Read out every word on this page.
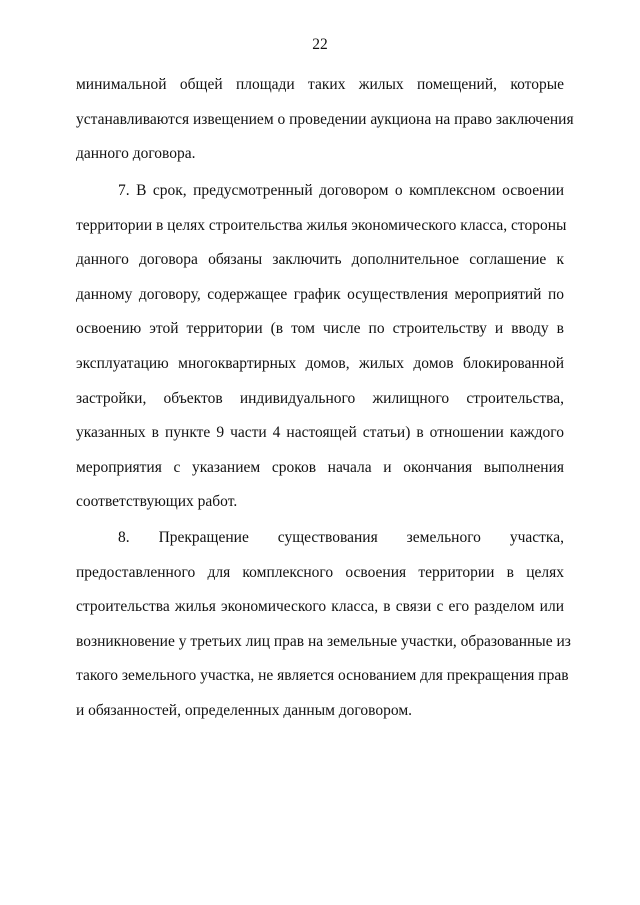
22
минимальной общей площади таких жилых помещений, которые
устанавливаются извещением о проведении аукциона на право заключения
данного договора.
7. В срок, предусмотренный договором о комплексном освоении
территории в целях строительства жилья экономического класса, стороны
данного договора обязаны заключить дополнительное соглашение к
данному договору, содержащее график осуществления мероприятий по
освоению этой территории (в том числе по строительству и вводу в
эксплуатацию многоквартирных домов, жилых домов блокированной
застройки, объектов индивидуального жилищного строительства,
указанных в пункте 9 части 4 настоящей статьи) в отношении каждого
мероприятия с указанием сроков начала и окончания выполнения
соответствующих работ.
8. Прекращение существования земельного участка,
предоставленного для комплексного освоения территории в целях
строительства жилья экономического класса, в связи с его разделом или
возникновение у третьих лиц прав на земельные участки, образованные из
такого земельного участка, не является основанием для прекращения прав
и обязанностей, определенных данным договором.
